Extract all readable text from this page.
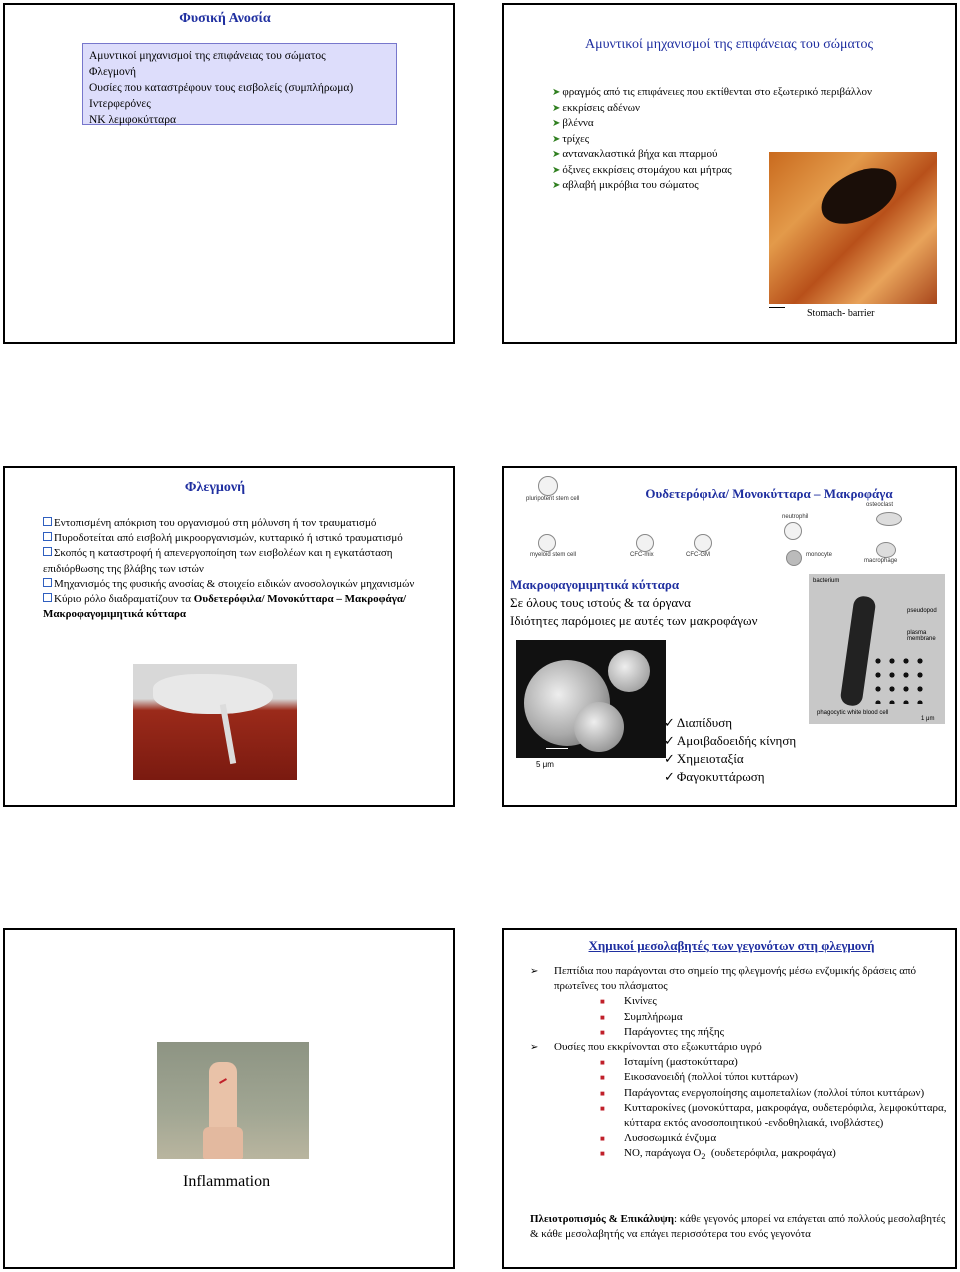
Φυσική Ανοσία
Αμυντικοί μηχανισμοί της επιφάνειας του σώματος
Φλεγμονή
Ουσίες που καταστρέφουν τους εισβολείς (συμπλήρωμα)
Ιντερφερόνες
NK λεμφοκύτταρα
Αμυντικοί μηχανισμοί της επιφάνειας του σώματος
➤ φραγμός από τις επιφάνειες που εκτίθενται στο εξωτερικό περιβάλλον
➤ εκκρίσεις αδένων
➤ βλέννα
➤ τρίχες
➤ αντανακλαστικά βήχα και πταρμού
➤ όξινες εκκρίσεις στομάχου και μήτρας
➤ αβλαβή μικρόβια του σώματος
Stomach- barrier
Φλεγμονή
Εντοπισμένη απόκριση του οργανισμού στη μόλυνση ή τον τραυματισμό
Πυροδοτείται από εισβολή μικροοργανισμών, κυτταρικό ή ιστικό τραυματισμό
Σκοπός η καταστροφή ή απενεργοποίηση των εισβολέων και η εγκατάσταση επιδιόρθωσης της βλάβης των ιστών
Μηχανισμός της φυσικής ανοσίας & στοιχείο ειδικών ανοσολογικών μηχανισμών
Κύριο ρόλο διαδραματίζουν τα Ουδετερόφιλα/ Μονοκύτταρα – Μακροφάγα/ Μακροφαγομιμητικά κύτταρα
pluripotent stem cell
myeloid stem cell	CFC-mix	CFC-GM
neutrophil
monocyte
osteoclast
macrophage
Ουδετερόφιλα/ Μονοκύτταρα – Μακροφάγα
Μακροφαγομιμητικά κύτταρα
Σε όλους τους ιστούς & τα όργανα
Ιδιότητες παρόμοιες με αυτές των μακροφάγων
bacterium
pseudopod
plasma membrane
phagocytic white blood cell
1 μm
5 μm
✓ Διαπίδυση
✓ Αμοιβαδοειδής κίνηση
✓ Χημειοταξία
✓ Φαγοκυττάρωση
Inflammation
Χημικοί μεσολαβητές των γεγονότων στη φλεγμονή
➢ Πεπτίδια που παράγονται στο σημείο της φλεγμονής μέσω ενζυμικής δράσεις από πρωτεΐνες του πλάσματος
■ Κινίνες
■ Συμπλήρωμα
■ Παράγοντες της πήξης
➢ Ουσίες που εκκρίνονται στο εξωκυττάριο υγρό
■ Ισταμίνη (μαστοκύτταρα)
■ Εικοσανοειδή (πολλοί τύποι κυττάρων)
■ Παράγοντας ενεργοποίησης αιμοπεταλίων (πολλοί τύποι κυττάρων)
■ Κυτταροκίνες (μονοκύτταρα, μακροφάγα, ουδετερόφιλα, λεμφοκύτταρα, κύτταρα εκτός ανοσοποιητικού -ενδοθηλιακά, ινοβλάστες)
■ Λυσοσωμικά ένζυμα
■ NO, παράγωγα $O_2$ (ουδετερόφιλα, μακροφάγα)
Πλειοτροπισμός & Επικάλυψη: κάθε γεγονός μπορεί να επάγεται από πολλούς μεσολαβητές & κάθε μεσολαβητής να επάγει περισσότερα του ενός γεγονότα
